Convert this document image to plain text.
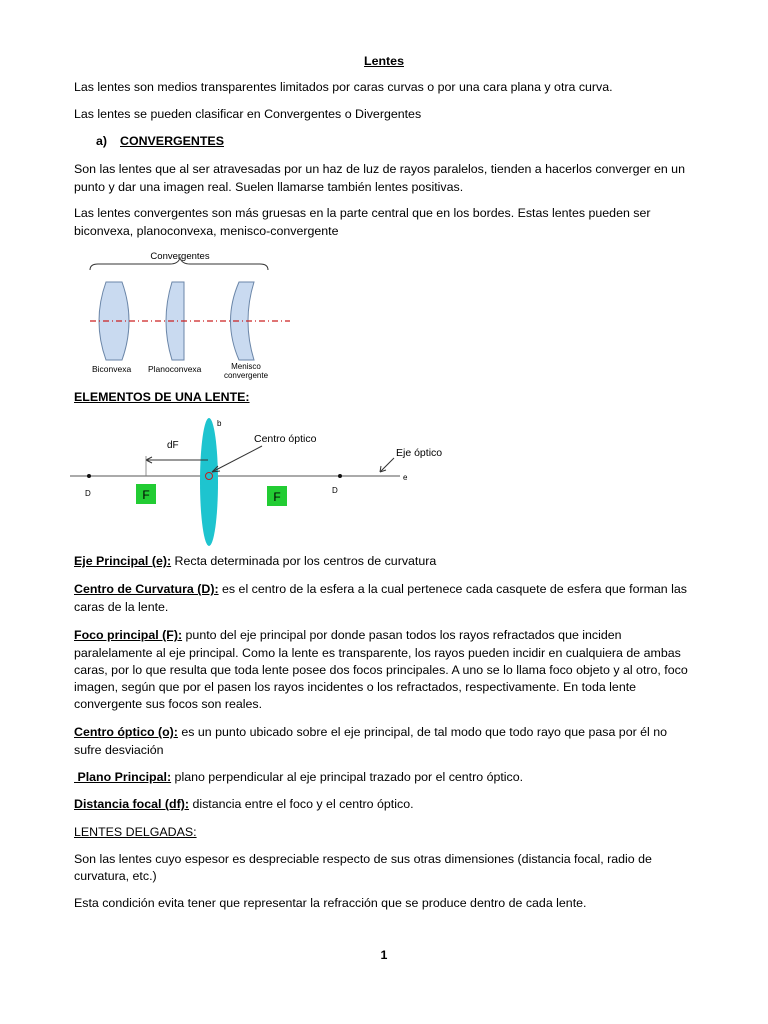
Lentes
Las lentes son medios transparentes limitados por caras curvas o por una cara plana y otra curva.
Las lentes se pueden clasificar en Convergentes o Divergentes
a) CONVERGENTES
Son las lentes que al ser atravesadas por un haz de luz de rayos paralelos, tienden a hacerlos converger en un
punto y dar una imagen real. Suelen llamarse también lentes positivas.
Las lentes convergentes son más gruesas en la parte central que en los bordes. Estas lentes pueden ser
biconvexa, planoconvexa, menisco-convergente
Convergentes
Biconvexa Planoconvexa	Menisco
convergente
ELEMENTOS DE UNA LENTE:
b
dF
Centro óptico
Eje óptico
e
D	D
F	F
Eje Principal (e): Recta determinada por los centros de curvatura
Centro de Curvatura (D): es el centro de la esfera a la cual pertenece cada casquete de esfera que forman las
caras de la lente.
Foco principal (F): punto del eje principal por donde pasan todos los rayos refractados que inciden
paralelamente al eje principal. Como la lente es transparente, los rayos pueden incidir en cualquiera de ambas
caras, por lo que resulta que toda lente posee dos focos principales. A uno se lo llama foco objeto y al otro, foco
imagen, según que por el pasen los rayos incidentes o los refractados, respectivamente. En toda lente
convergente sus focos son reales.
Centro óptico (o): es un punto ubicado sobre el eje principal, de tal modo que todo rayo que pasa por él no
sufre desviación
Plano Principal: plano perpendicular al eje principal trazado por el centro óptico.
Distancia focal (df): distancia entre el foco y el centro óptico.
LENTES DELGADAS:
Son las lentes cuyo espesor es despreciable respecto de sus otras dimensiones (distancia focal, radio de
curvatura, etc.)
Esta condición evita tener que representar la refracción que se produce dentro de cada lente.
1
